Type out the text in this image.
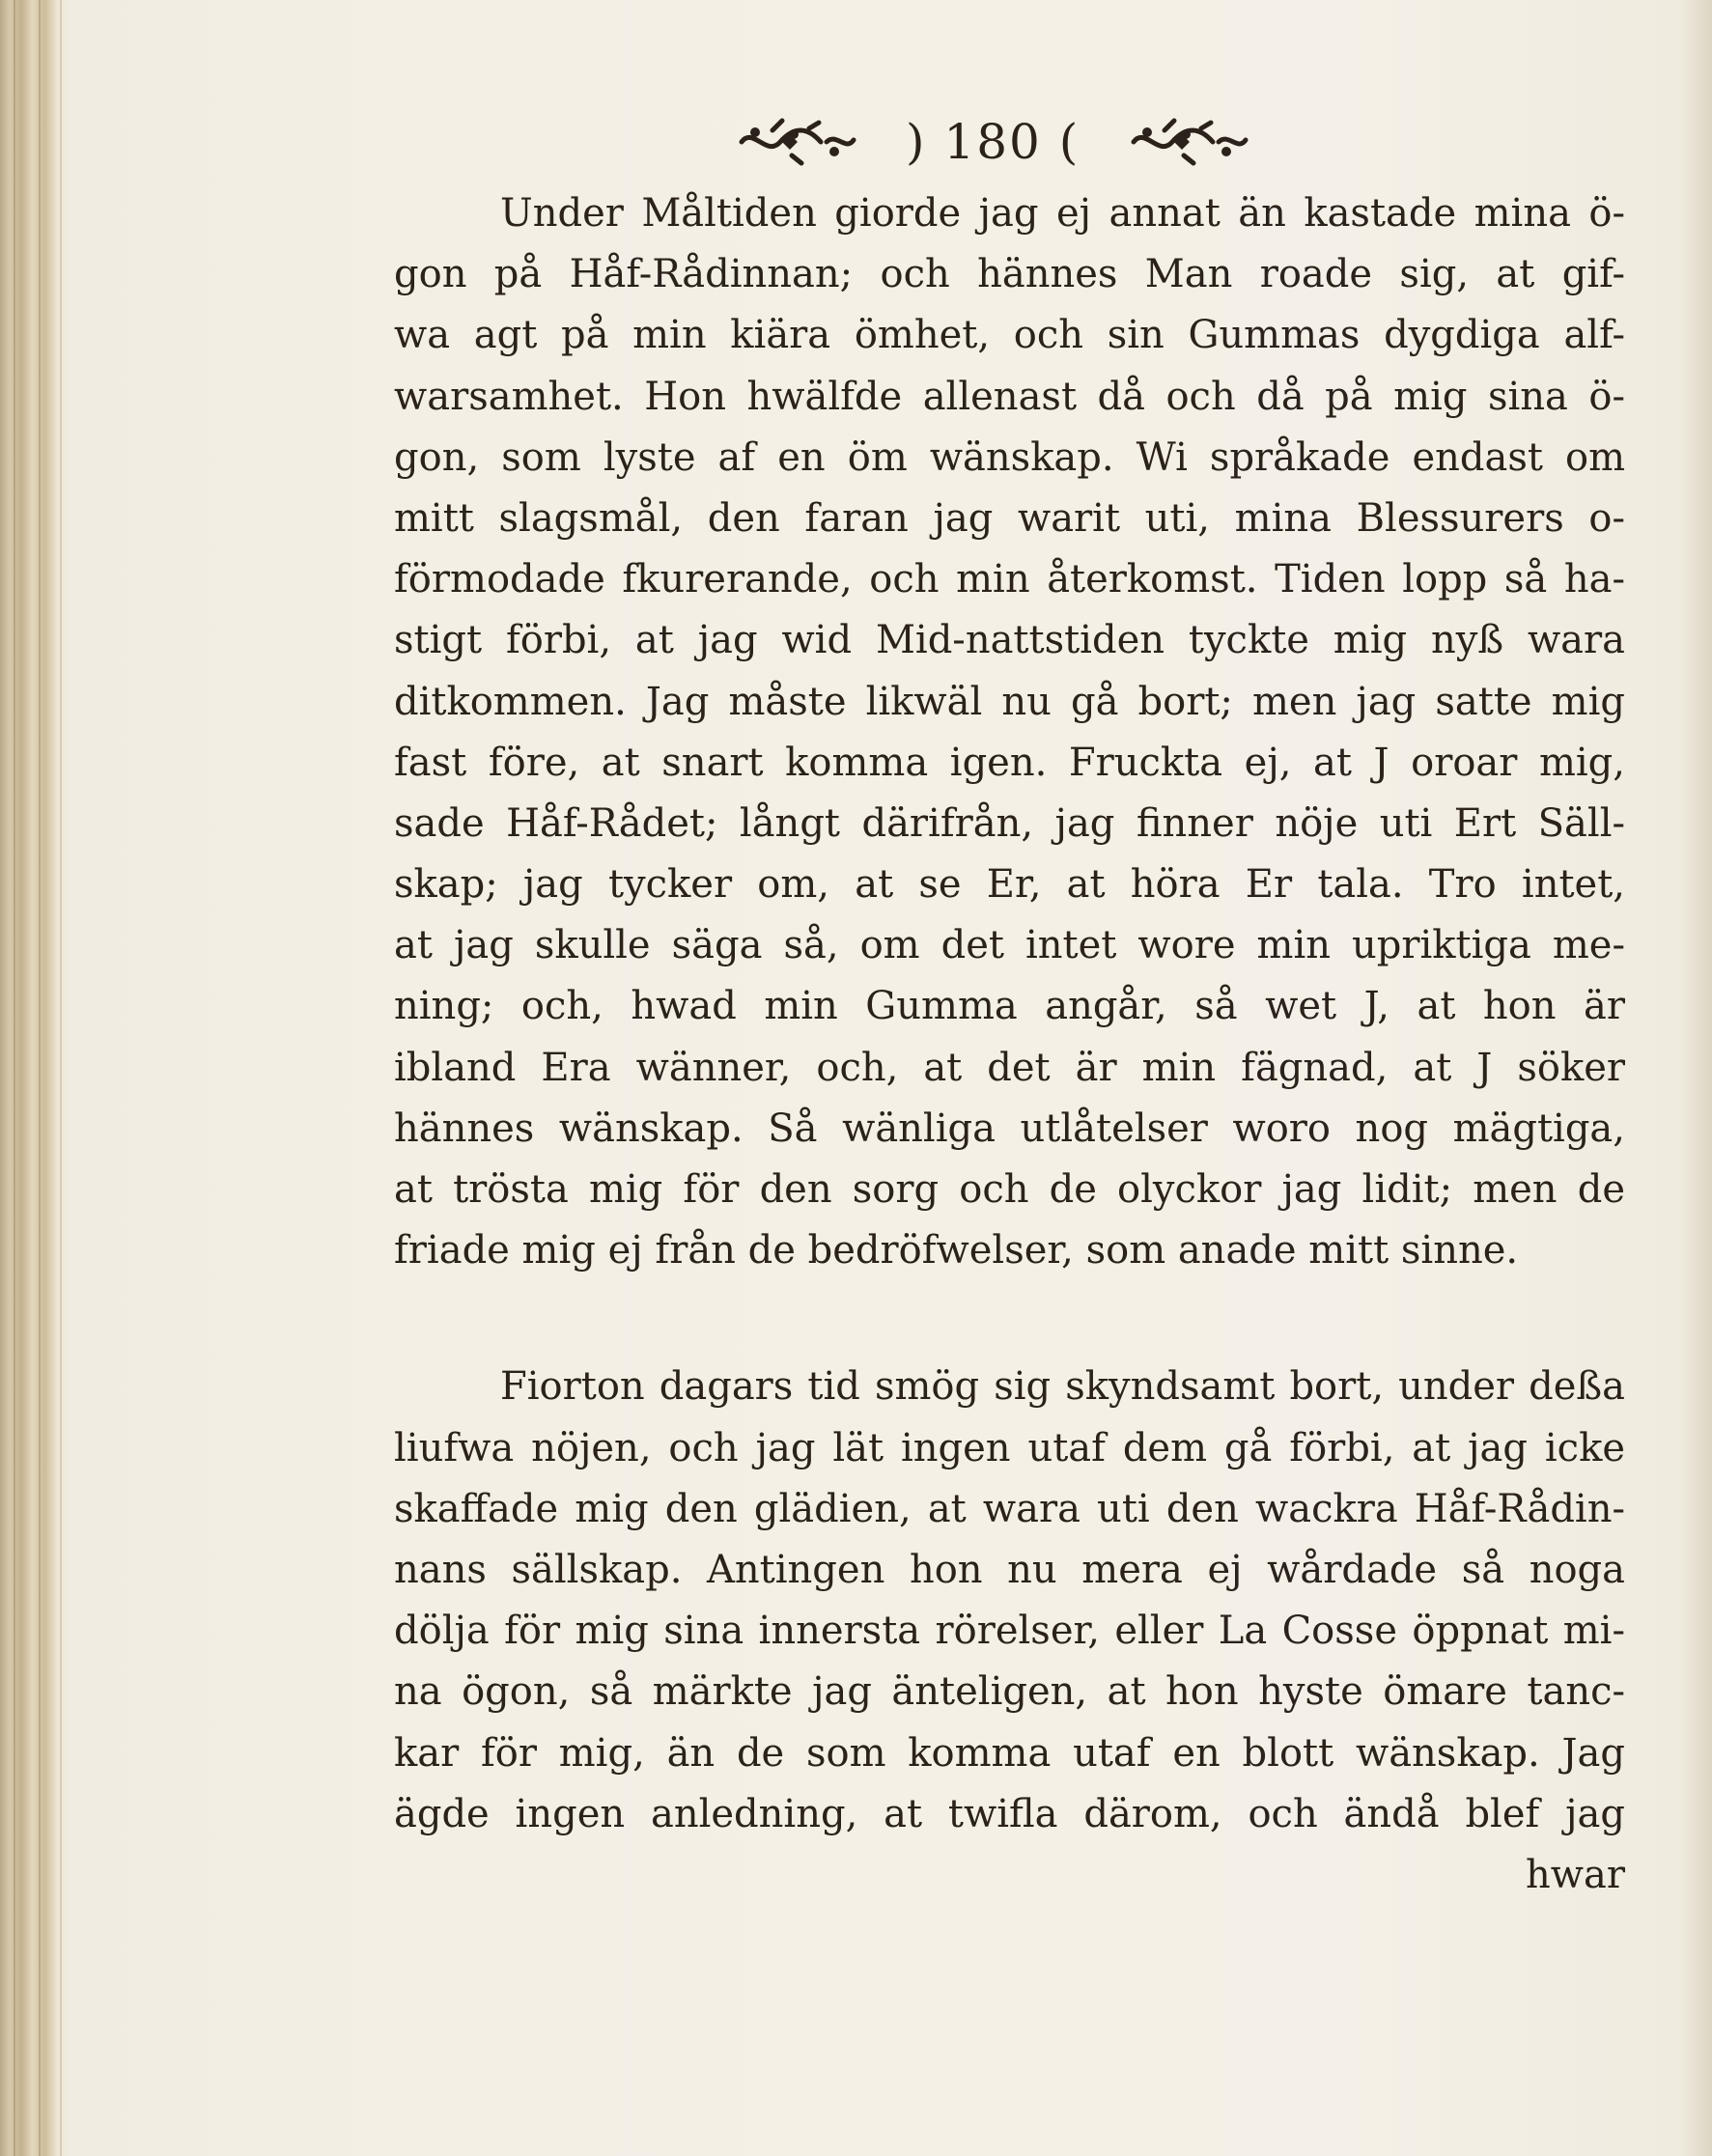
) 180 (
Under Måltiden giorde jag ej annat än kastade mina ö-
gon på Håf-Rådinnan; och hännes Man roade sig, at gif-
wa agt på min kiära ömhet, och sin Gummas dygdiga alf-
warsamhet. Hon hwälfde allenast då och då på mig sina ö-
gon, som lyste af en öm wänskap. Wi språkade endast om
mitt slagsmål, den faran jag warit uti, mina Blessurers o-
förmodade fkurerande, och min återkomst. Tiden lopp så ha-
stigt förbi, at jag wid Mid-nattstiden tyckte mig nyß wara
ditkommen. Jag måste likwäl nu gå bort; men jag satte mig
fast före, at snart komma igen. Fruckta ej, at J oroar mig,
sade Håf-Rådet; långt därifrån, jag finner nöje uti Ert Säll-
skap; jag tycker om, at se Er, at höra Er tala. Tro intet,
at jag skulle säga så, om det intet wore min upriktiga me-
ning; och, hwad min Gumma angår, så wet J, at hon är
ibland Era wänner, och, at det är min fägnad, at J söker
hännes wänskap. Så wänliga utlåtelser woro nog mägtiga,
at trösta mig för den sorg och de olyckor jag lidit; men de
friade mig ej från de bedröfwelser, som anade mitt sinne.
Fiorton dagars tid smög sig skyndsamt bort, under deßa
liufwa nöjen, och jag lät ingen utaf dem gå förbi, at jag icke
skaffade mig den glädien, at wara uti den wackra Håf-Rådin-
nans sällskap. Antingen hon nu mera ej wårdade så noga
dölja för mig sina innersta rörelser, eller La Cosse öppnat mi-
na ögon, så märkte jag änteligen, at hon hyste ömare tanc-
kar för mig, än de som komma utaf en blott wänskap. Jag
ägde ingen anledning, at twifla därom, och ändå blef jag
hwar
